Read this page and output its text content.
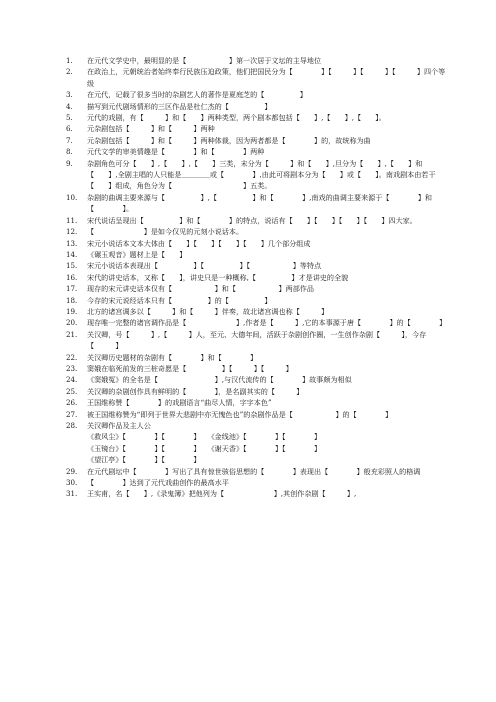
1.	在元代文学史中，最明显的是【　　　　　　】第一次居于文坛的主导地位
2.	在政治上，元朝统治者始终奉行民族压迫政策，他们把国民分为【　　　　】【　　　】【　　　】【　　　】四个等级
3.	在元代，记载了很多当时的杂剧艺人的著作是夏庭芝的【　　　　　】
4.	描写到元代剧场情形的三区作品是杜仁杰的【　　　　　】
5.	元代的戏剧，有【　　　】和【　　】两种类型，两个剧本都包括【　　】,【　　】,【　　】。
6.	元杂剧包括【　　　】和【　　　】两种
7.	元杂剧包括【　　　】和【　　　】两种体裁，因为两者都是【　　　　】的，故统称为曲
8.	元代文学的审美情趣是【　　　　】和【　　　　】两种
9.	杂剧角色可分【　　】,【　　】,【　　】三类，末分为【　　　】和【　　】,旦分为【　　】,【　　】和【　　】,全剧主唱的人只能是＿＿＿＿或【　　　　】,由此可将剧本分为【　　】或【　　】。南戏剧本由若干【　　】组成，角色分为【　　　　　　　　　　】五类。
10.	杂剧的曲调主要来源与【　　　　　】,【　　　　　】和【　　　　】,南戏的曲调主要来源于【　　　　】和【　　　　】。
11.	宋代说话呈现出【　　　　　】和【　　　　】的特点，说话有【　　】【　　】【　　】【　　】四大家。
12.	【　　　　　　　】是如今仅见的元刻小说话本。
13.	宋元小说话本文本大体由【　　】【　　】【　　】【　　】几个部分组成
14.	《碾玉观音》题材上是【　　】
15.	宋元小说话本表现出【　　　　　】【　　　　　】【　　　　　　】等特点
16.	宋代的讲史话本，又称【　　】，讲史只是一种概称,【　　　　　】才是讲史的全貌
17.	现存的宋元讲史话本仅有【　　　　　　】和【　　　　　　】两部作品
18.	今存的宋元说经话本只有【　　　　　】的【　　　　　】
19.	北方的诸宫调多以【　　　】和【　　　】伴奏，故北诸宫调也称【　　　】
20.	现存唯一完整的诸宫调作品是【　　　　　　　】,作者是【　　　】,它的本事源于唐【　　　　】的【　　　　】
21.	关汉卿，号【　　　】,【　　　】人，至元、大德年间，活跃于杂剧创作圈，一生创作杂剧【　　　】，今存【　　　】
22.	关汉卿历史题材的杂剧有【　　　　】和【　　　　】
23.	窦娥在临死前发的三桩奇愿是【　　　　　】【　　　】【　　　】
24.	《窦娥冤》的全名是【　　　　　　　　】,与汉代流传的【　　　　】故事颇为相似
25.	关汉卿的杂剧创作具有鲜明的【　　　　】，是名副其实的【　　　】
26.	王国维称赞【　　　　】的戏剧语言“曲尽人情，字字本色”
27.	被王国维称赞为“即列于世界大悲剧中亦无愧色也”的杂剧作品是【　　　　　　】的【　　　　】
28.	关汉卿作品及主人公
《救风尘》【　　　　】【　　　　】　　《金线池》【　　　　】【　　　　】
《玉镜台》【　　　　】【　　　　】　　《谢天香》【　　　　】【　　　　】
《望江亭》【　　　　】【　　　　】
29.	在元代剧坛中【　　　　】写出了具有惊世骇俗思想的【　　　　】表现出【　　　　】般充彩照人的格调
30.	【　　　　】达到了元代戏曲创作的最高水平
31.	王实甫，名【　　】,《录鬼簿》把他列为【　　　　　　　】,其创作杂剧【　　　】,
